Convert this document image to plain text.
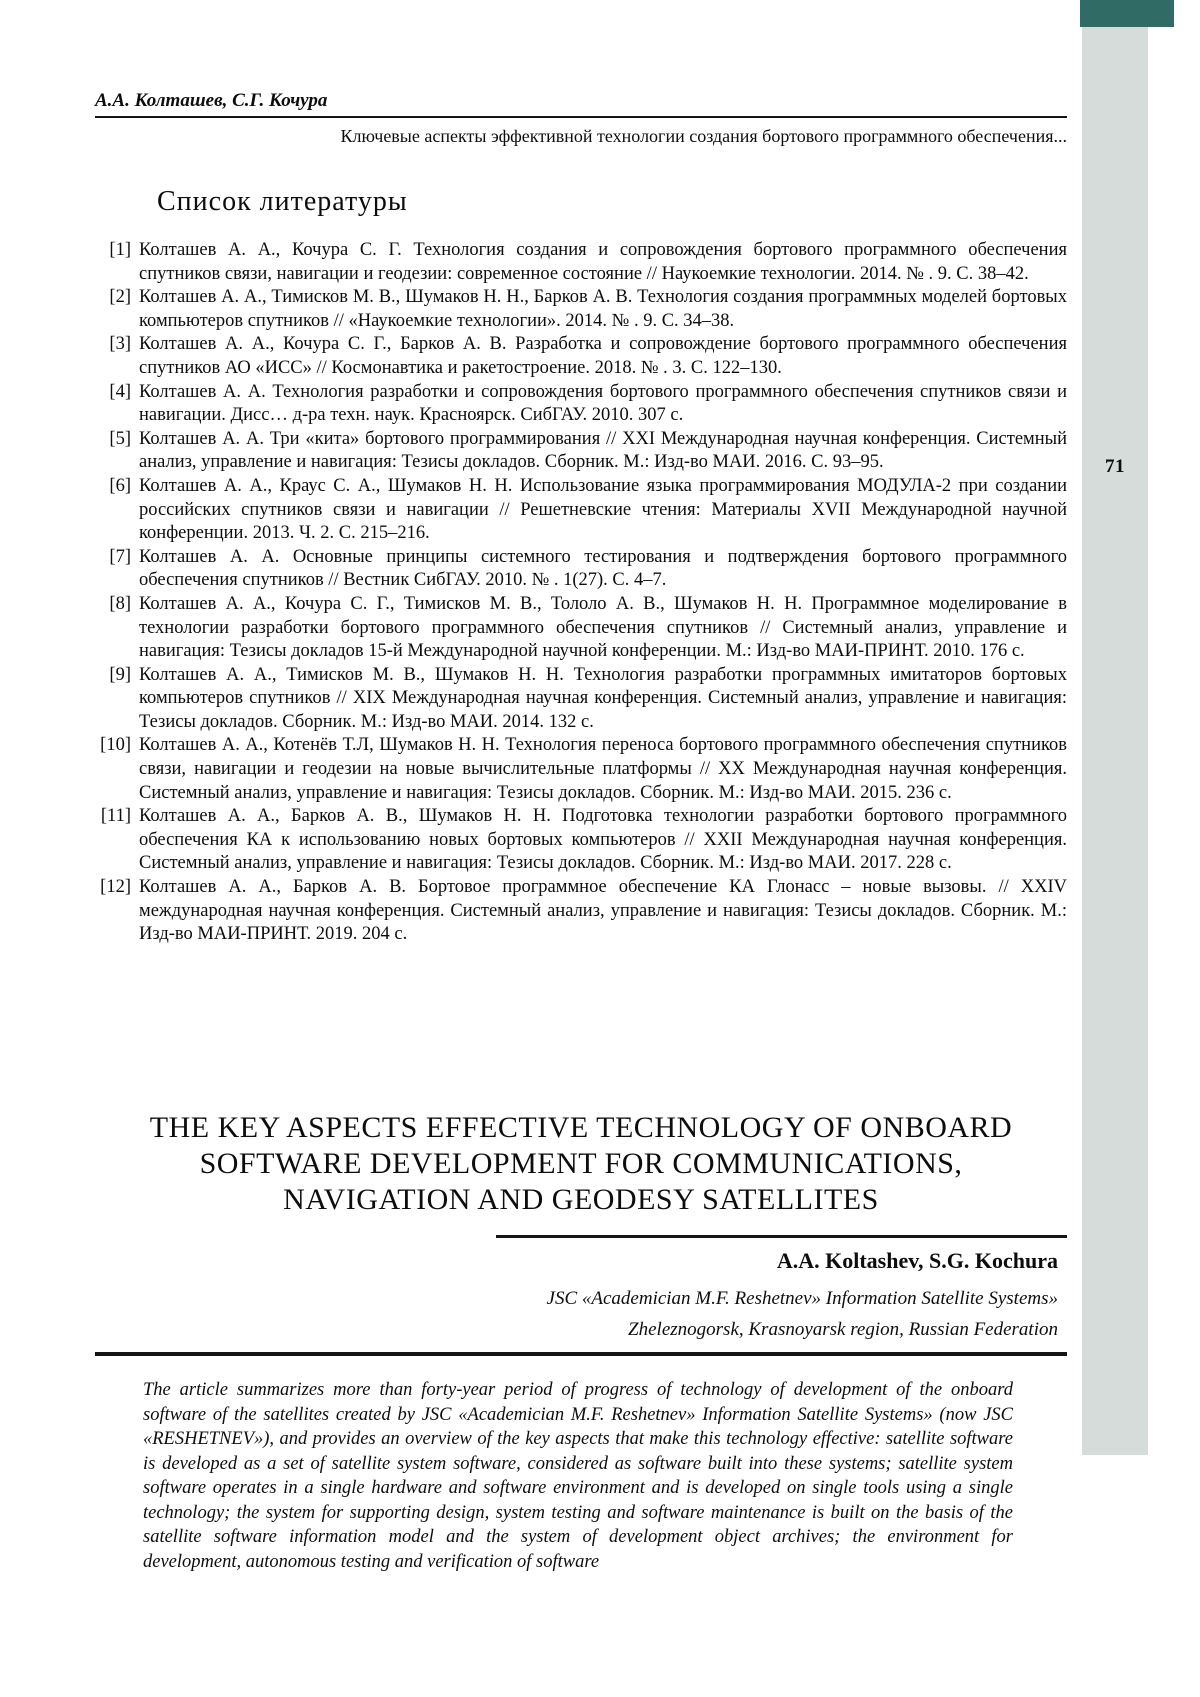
71
А.А. Колташев, С.Г. Кочура
Ключевые аспекты эффективной технологии создания бортового программного обеспечения...
Список литературы
[1] Колташев А. А., Кочура С. Г. Технология создания и сопровождения бортового программного обеспечения спутников связи, навигации и геодезии: современное состояние // Наукоемкие технологии. 2014. № . 9. С. 38–42.
[2] Колташев А. А., Тимисков М. В., Шумаков Н. Н., Барков А. В. Технология создания программных моделей бортовых компьютеров спутников // «Наукоемкие технологии». 2014. № . 9. С. 34–38.
[3] Колташев А. А., Кочура С. Г., Барков А. В. Разработка и сопровождение бортового программного обеспечения спутников АО «ИСС» // Космонавтика и ракетостроение. 2018. № . 3. С. 122–130.
[4] Колташев А. А. Технология разработки и сопровождения бортового программного обеспечения спутников связи и навигации. Дисс… д-ра техн. наук. Красноярск. СибГАУ. 2010. 307 с.
[5] Колташев А. А. Три «кита» бортового программирования // XXI Международная научная конференция. Системный анализ, управление и навигация: Тезисы докладов. Сборник. М.: Изд-во МАИ. 2016. С. 93–95.
[6] Колташев А. А., Краус С. А., Шумаков Н. Н. Использование языка программирования МОДУЛА-2 при создании российских спутников связи и навигации // Решетневские чтения: Материалы XVII Международной научной конференции. 2013. Ч. 2. С. 215–216.
[7] Колташев А. А. Основные принципы системного тестирования и подтверждения бортового программного обеспечения спутников // Вестник СибГАУ. 2010. № . 1(27). С. 4–7.
[8] Колташев А. А., Кочура С. Г., Тимисков М. В., Тололо А. В., Шумаков Н. Н. Программное моделирование в технологии разработки бортового программного обеспечения спутников // Системный анализ, управление и навигация: Тезисы докладов 15-й Международной научной конференции. М.: Изд-во МАИ-ПРИНТ. 2010. 176 с.
[9] Колташев А. А., Тимисков М. В., Шумаков Н. Н. Технология разработки программных имитаторов бортовых компьютеров спутников // XIX Международная научная конференция. Системный анализ, управление и навигация: Тезисы докладов. Сборник. М.: Изд-во МАИ. 2014. 132 с.
[10] Колташев А. А., Котенёв Т.Л, Шумаков Н. Н. Технология переноса бортового программного обеспечения спутников связи, навигации и геодезии на новые вычислительные платформы // XX Международная научная конференция. Системный анализ, управление и навигация: Тезисы докладов. Сборник. М.: Изд-во МАИ. 2015. 236 с.
[11] Колташев А. А., Барков А. В., Шумаков Н. Н. Подготовка технологии разработки бортового программного обеспечения КА к использованию новых бортовых компьютеров // XXII Международная научная конференция. Системный анализ, управление и навигация: Тезисы докладов. Сборник. М.: Изд-во МАИ. 2017. 228 с.
[12] Колташев А. А., Барков А. В. Бортовое программное обеспечение КА Глонасс – новые вызовы. // XXIV международная научная конференция. Системный анализ, управление и навигация: Тезисы докладов. Сборник. М.: Изд-во МАИ-ПРИНТ. 2019. 204 с.
THE KEY ASPECTS EFFECTIVE TECHNOLOGY OF ONBOARD
SOFTWARE DEVELOPMENT FOR COMMUNICATIONS,
NAVIGATION AND GEODESY SATELLITES
A.A. Koltashev, S.G. Kochura
JSC «Academician M.F. Reshetnev» Information Satellite Systems»
Zheleznogorsk, Krasnoyarsk region, Russian Federation
The article summarizes more than forty-year period of progress of technology of development of the onboard software of the satellites created by JSC «Academician M.F. Reshetnev» Information Satellite Systems» (now JSC «RESHETNEV»), and provides an overview of the key aspects that make this technology effective: satellite software is developed as a set of satellite system software, considered as software built into these systems; satellite system software operates in a single hardware and software environment and is developed on single tools using a single technology; the system for supporting design, system testing and software maintenance is built on the basis of the satellite software information model and the system of development object archives; the environment for development, autonomous testing and verification of software
